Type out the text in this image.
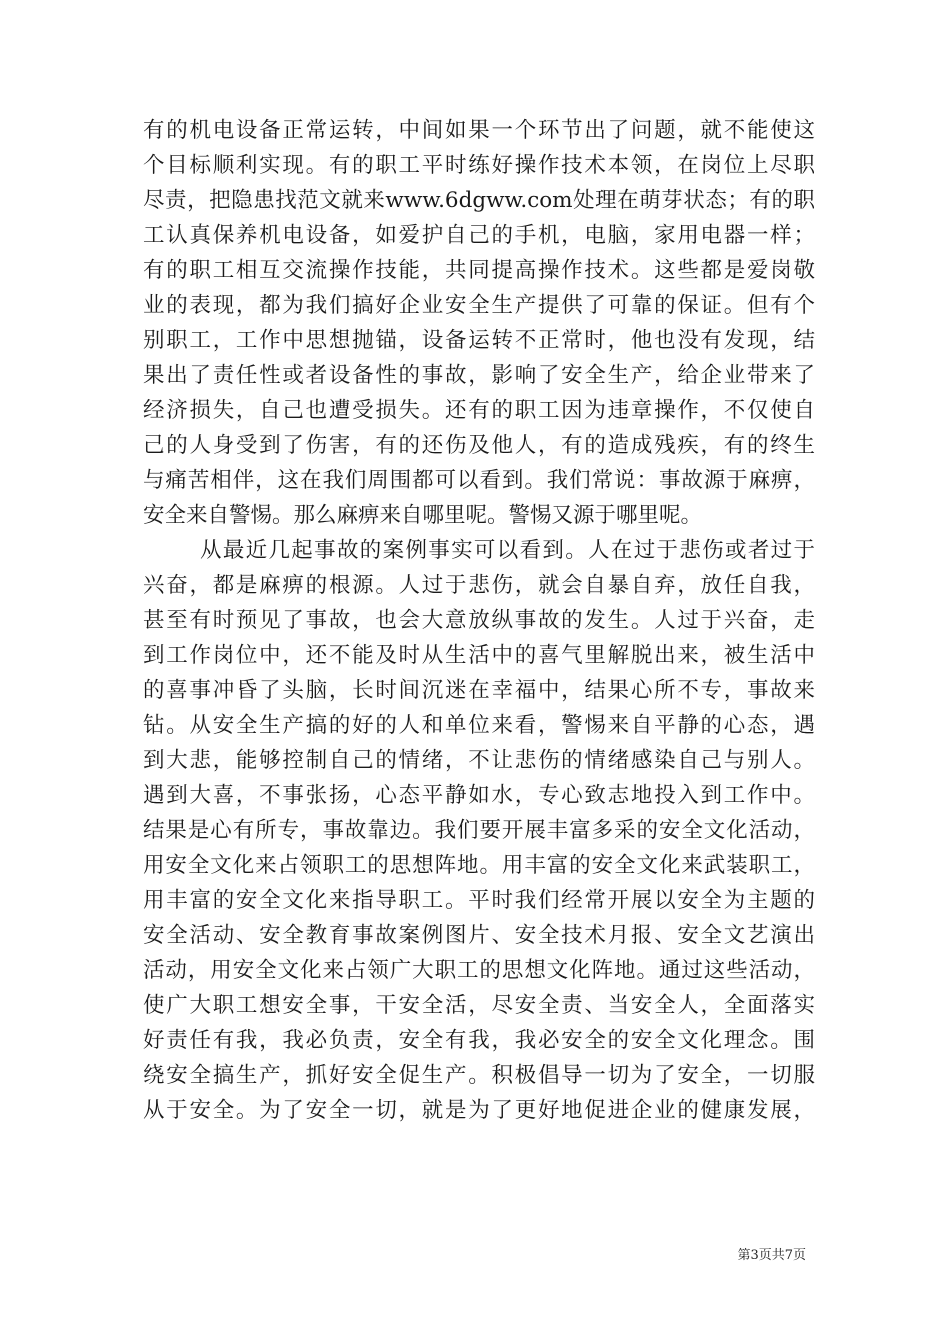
有的机电设备正常运转，中间如果一个环节出了问题，就不能使这
个目标顺利实现。有的职工平时练好操作技术本领，在岗位上尽职
尽责，把隐患找范文就来www.6dgww.com处理在萌芽状态；有的职
工认真保养机电设备，如爱护自己的手机，电脑，家用电器一样；
有的职工相互交流操作技能，共同提高操作技术。这些都是爱岗敬
业的表现，都为我们搞好企业安全生产提供了可靠的保证。但有个
别职工，工作中思想抛锚，设备运转不正常时，他也没有发现，结
果出了责任性或者设备性的事故，影响了安全生产，给企业带来了
经济损失，自己也遭受损失。还有的职工因为违章操作，不仅使自
己的人身受到了伤害，有的还伤及他人，有的造成残疾，有的终生
与痛苦相伴，这在我们周围都可以看到。我们常说：事故源于麻痹，
安全来自警惕。那么麻痹来自哪里呢。警惕又源于哪里呢。
从最近几起事故的案例事实可以看到。人在过于悲伤或者过于
兴奋，都是麻痹的根源。人过于悲伤，就会自暴自弃，放任自我，
甚至有时预见了事故，也会大意放纵事故的发生。人过于兴奋，走
到工作岗位中，还不能及时从生活中的喜气里解脱出来，被生活中
的喜事冲昏了头脑，长时间沉迷在幸福中，结果心所不专，事故来
钻。从安全生产搞的好的人和单位来看，警惕来自平静的心态，遇
到大悲，能够控制自己的情绪，不让悲伤的情绪感染自己与别人。
遇到大喜，不事张扬，心态平静如水，专心致志地投入到工作中。
结果是心有所专，事故靠边。我们要开展丰富多采的安全文化活动，
用安全文化来占领职工的思想阵地。用丰富的安全文化来武装职工，
用丰富的安全文化来指导职工。平时我们经常开展以安全为主题的
安全活动、安全教育事故案例图片、安全技术月报、安全文艺演出
活动，用安全文化来占领广大职工的思想文化阵地。通过这些活动，
使广大职工想安全事，干安全活，尽安全责、当安全人，全面落实
好责任有我，我必负责，安全有我，我必安全的安全文化理念。围
绕安全搞生产，抓好安全促生产。积极倡导一切为了安全，一切服
从于安全。为了安全一切，就是为了更好地促进企业的健康发展，
第3页共7页
